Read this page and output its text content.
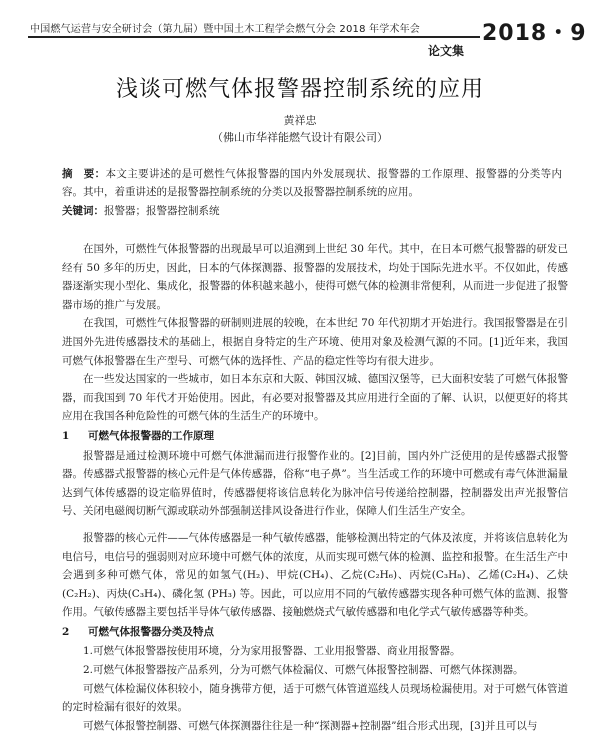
中国燃气运营与安全研讨会（第九届）暨中国土木工程学会燃气分会 2018 年学术年会	2018・9
论文集
浅谈可燃气体报警器控制系统的应用
黄祥忠
（佛山市华祥能燃气设计有限公司）
摘　要：本文主要讲述的是可燃性气体报警器的国内外发展现状、报警器的工作原理、报警器的分类等内容。其中，着重讲述的是报警器控制系统的分类以及报警器控制系统的应用。
关键词：报警器；报警器控制系统

在国外，可燃性气体报警器的出现最早可以追溯到上世纪 30 年代。其中，在日本可燃气报警器的研发已经有 50 多年的历史，因此，日本的气体探测器、报警器的发展技术，均处于国际先进水平。不仅如此，传感器逐渐实现小型化、集成化，报警器的体积越来越小，使得可燃气体的检测非常便利，从而进一步促进了报警器市场的推广与发展。

在我国，可燃性气体报警器的研制则进展的较晚，在本世纪 70 年代初期才开始进行。我国报警器是在引进国外先进传感器技术的基础上，根据自身特定的生产环境、使用对象及检测气源的不同。[1]近年来，我国可燃气体报警器在生产型号、可燃气体的选择性、产品的稳定性等均有很大进步。

在一些发达国家的一些城市，如日本东京和大阪、韩国汉城、德国汉堡等，已大面积安装了可燃气体报警器，而我国到 70 年代才开始使用。因此，有必要对报警器及其应用进行全面的了解、认识，以便更好的将其应用在我国各种危险性的可燃气体的生活生产的环境中。

1 可燃气体报警器的工作原理

报警器是通过检测环境中可燃气体泄漏而进行报警作业的。[2]目前，国内外广泛使用的是传感器式报警器。传感器式报警器的核心元件是气体传感器，俗称“电子鼻”。当生活或工作的环境中可燃或有毒气体泄漏量达到气体传感器的设定临界值时，传感器便将该信息转化为脉冲信号传递给控制器，控制器发出声光报警信号、关闭电磁阀切断气源或联动外部强制送排风设备进行作业，保障人们生活生产安全。

报警器的核心元件——气体传感器是一种气敏传感器，能够检测出特定的气体及浓度，并将该信息转化为电信号，电信号的强弱则对应环境中可燃气体的浓度，从而实现可燃气体的检测、监控和报警。在生活生产中会遇到多种可燃气体，常见的如氢气(H₂)、甲烷(CH₄)、乙烷(C₂H₆)、丙烷(C₃H₈)、乙烯(C₂H₄)、乙炔(C₂H₂)、丙炔(C₃H₄)、磷化氢 (PH₃) 等。因此，可以应用不同的气敏传感器实现各种可燃气体的监测、报警作用。气敏传感器主要包括半导体气敏传感器、接触燃烧式气敏传感器和电化学式气敏传感器等种类。

2 可燃气体报警器分类及特点

1.可燃气体报警器按使用环境，分为家用报警器、工业用报警器、商业用报警器。

2.可燃气体报警器按产品系列，分为可燃气体检漏仪、可燃气体报警控制器、可燃气体探测器。

可燃气体检漏仪体积较小，随身携带方便，适于可燃气体管道巡线人员现场检漏使用。对于可燃气体管道的定时检漏有很好的效果。

可燃气体报警控制器、可燃气体探测器往往是一种“探测器+控制器”组合形式出现，[3]并且可以与
